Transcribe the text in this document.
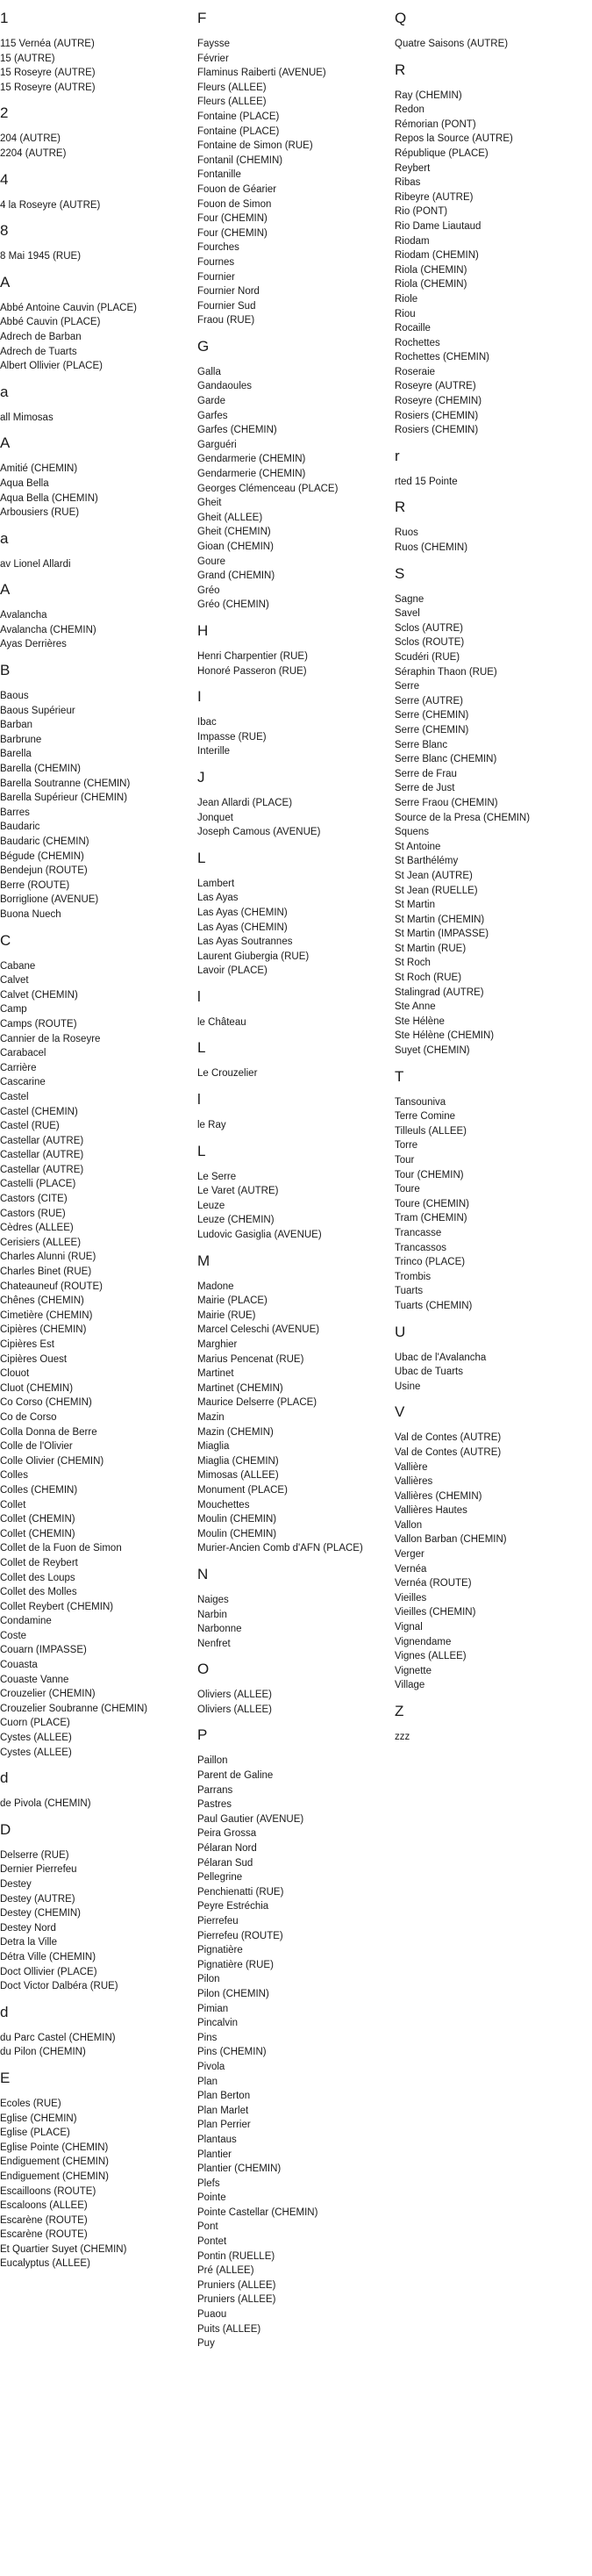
1
115 Vernéa (AUTRE)
15 (AUTRE)
15 Roseyre (AUTRE)
15 Roseyre (AUTRE)
2
204 (AUTRE)
2204 (AUTRE)
4
4 la Roseyre (AUTRE)
8
8 Mai 1945 (RUE)
A
Abbé Antoine Cauvin (PLACE)
Abbé Cauvin (PLACE)
Adrech de Barban
Adrech de Tuarts
Albert Ollivier (PLACE)
a
all Mimosas
A
Amitié (CHEMIN)
Aqua Bella
Aqua Bella (CHEMIN)
Arbousiers (RUE)
a
av Lionel Allardi
A
Avalancha
Avalancha (CHEMIN)
Ayas Derrières
B
Baous
Baous Supérieur
Barban
Barbrune
Barella
Barella (CHEMIN)
Barella Soutranne (CHEMIN)
Barella Supérieur (CHEMIN)
Barres
Baudaric
Baudaric (CHEMIN)
Bégude (CHEMIN)
Bendejun (ROUTE)
Berre (ROUTE)
Borriglione (AVENUE)
Buona Nuech
C
Cabane
Calvet
Calvet (CHEMIN)
Camp
Camps (ROUTE)
Cannier de la Roseyre
Carabacel
Carrière
Cascarine
Castel
Castel (CHEMIN)
Castel (RUE)
Castellar (AUTRE)
Castellar (AUTRE)
Castellar (AUTRE)
Castelli (PLACE)
Castors (CITE)
Castors (RUE)
Cèdres (ALLEE)
Cerisiers (ALLEE)
Charles Alunni (RUE)
Charles Binet (RUE)
Chateauneuf (ROUTE)
Chênes (CHEMIN)
Cimetière (CHEMIN)
Cipières (CHEMIN)
Cipières Est
Cipières Ouest
Clouot
Cluot (CHEMIN)
Co Corso (CHEMIN)
Co de Corso
Colla Donna de Berre
Colle de l'Olivier
Colle Olivier (CHEMIN)
Colles
Colles (CHEMIN)
Collet
Collet (CHEMIN)
Collet (CHEMIN)
Collet de la Fuon de Simon
Collet de Reybert
Collet des Loups
Collet des Molles
Collet Reybert (CHEMIN)
Condamine
Coste
Couarn (IMPASSE)
Couasta
Couaste Vanne
Crouzelier (CHEMIN)
Crouzelier Soubranne (CHEMIN)
Cuorn (PLACE)
Cystes (ALLEE)
Cystes (ALLEE)
d
de Pivola (CHEMIN)
D
Delserre (RUE)
Dernier Pierrefeu
Destey
Destey (AUTRE)
Destey (CHEMIN)
Destey Nord
Detra la Ville
Détra Ville (CHEMIN)
Doct Ollivier (PLACE)
Doct Victor Dalbéra (RUE)
d
du Parc Castel (CHEMIN)
du Pilon (CHEMIN)
E
Ecoles (RUE)
Eglise (CHEMIN)
Eglise (PLACE)
Eglise Pointe (CHEMIN)
Endiguement (CHEMIN)
Endiguement (CHEMIN)
Escailloons (ROUTE)
Escaloons (ALLEE)
Escarène (ROUTE)
Escarène (ROUTE)
Et Quartier Suyet (CHEMIN)
Eucalyptus (ALLEE)
F
Faysse
Février
Flaminus Raiberti (AVENUE)
Fleurs (ALLEE)
Fleurs (ALLEE)
Fontaine (PLACE)
Fontaine (PLACE)
Fontaine de Simon (RUE)
Fontanil (CHEMIN)
Fontanille
Fouon de Géarier
Fouon de Simon
Four (CHEMIN)
Four (CHEMIN)
Fourches
Fournes
Fournier
Fournier Nord
Fournier Sud
Fraou (RUE)
G
Galla
Gandaoules
Garde
Garfes
Garfes (CHEMIN)
Garguéri
Gendarmerie (CHEMIN)
Gendarmerie (CHEMIN)
Georges Clémenceau (PLACE)
Gheit
Gheit (ALLEE)
Gheit (CHEMIN)
Gioan (CHEMIN)
Goure
Grand (CHEMIN)
Gréo
Gréo (CHEMIN)
H
Henri Charpentier (RUE)
Honoré Passeron (RUE)
I
Ibac
Impasse (RUE)
Interille
J
Jean Allardi (PLACE)
Jonquet
Joseph Camous (AVENUE)
L
Lambert
Las Ayas
Las Ayas (CHEMIN)
Las Ayas (CHEMIN)
Las Ayas Soutrannes
Laurent Giubergia (RUE)
Lavoir (PLACE)
l
le Château
L
Le Crouzelier
l
le Ray
L
Le Serre
Le Varet (AUTRE)
Leuze
Leuze (CHEMIN)
Ludovic Gasiglia (AVENUE)
M
Madone
Mairie (PLACE)
Mairie (RUE)
Marcel Celeschi (AVENUE)
Marghier
Marius Pencenat (RUE)
Martinet
Martinet (CHEMIN)
Maurice Delserre (PLACE)
Mazin
Mazin (CHEMIN)
Miaglia
Miaglia (CHEMIN)
Mimosas (ALLEE)
Monument (PLACE)
Mouchettes
Moulin (CHEMIN)
Moulin (CHEMIN)
Murier-Ancien Comb d'AFN (PLACE)
N
Naiges
Narbin
Narbonne
Nenfret
O
Oliviers (ALLEE)
Oliviers (ALLEE)
P
Paillon
Parent de Galine
Parrans
Pastres
Paul Gautier (AVENUE)
Peira Grossa
Pélaran Nord
Pélaran Sud
Pellegrine
Penchienatti (RUE)
Peyre Estréchia
Pierrefeu
Pierrefeu (ROUTE)
Pignatière
Pignatière (RUE)
Pilon
Pilon (CHEMIN)
Pimian
Pincalvin
Pins
Pins (CHEMIN)
Pivola
Plan
Plan Berton
Plan Marlet
Plan Perrier
Plantaus
Plantier
Plantier (CHEMIN)
Plefs
Pointe
Pointe Castellar (CHEMIN)
Pont
Pontet
Pontin (RUELLE)
Pré (ALLEE)
Pruniers (ALLEE)
Pruniers (ALLEE)
Puaou
Puits (ALLEE)
Puy
Q
Quatre Saisons (AUTRE)
R
Ray (CHEMIN)
Redon
Rémorian (PONT)
Repos la Source (AUTRE)
République (PLACE)
Reybert
Ribas
Ribeyre (AUTRE)
Rio (PONT)
Rio Dame Liautaud
Riodam
Riodam (CHEMIN)
Riola (CHEMIN)
Riola (CHEMIN)
Riole
Riou
Rocaille
Rochettes
Rochettes (CHEMIN)
Roseraie
Roseyre (AUTRE)
Roseyre (CHEMIN)
Rosiers (CHEMIN)
Rosiers (CHEMIN)
r
rted 15 Pointe
R
Ruos
Ruos (CHEMIN)
S
Sagne
Savel
Sclos (AUTRE)
Sclos (ROUTE)
Scudéri (RUE)
Séraphin Thaon (RUE)
Serre
Serre (AUTRE)
Serre (CHEMIN)
Serre (CHEMIN)
Serre Blanc
Serre Blanc (CHEMIN)
Serre de Frau
Serre de Just
Serre Fraou (CHEMIN)
Source de la Presa (CHEMIN)
Squens
St Antoine
St Barthélémy
St Jean (AUTRE)
St Jean (RUELLE)
St Martin
St Martin (CHEMIN)
St Martin (IMPASSE)
St Martin (RUE)
St Roch
St Roch (RUE)
Stalingrad (AUTRE)
Ste Anne
Ste Hélène
Ste Hélène (CHEMIN)
Suyet (CHEMIN)
T
Tansouniva
Terre Comine
Tilleuls (ALLEE)
Torre
Tour
Tour (CHEMIN)
Toure
Toure (CHEMIN)
Tram (CHEMIN)
Trancasse
Trancassos
Trinco (PLACE)
Trombis
Tuarts
Tuarts (CHEMIN)
U
Ubac de l'Avalancha
Ubac de Tuarts
Usine
V
Val de Contes (AUTRE)
Val de Contes (AUTRE)
Vallière
Vallières
Vallières (CHEMIN)
Vallières Hautes
Vallon
Vallon Barban (CHEMIN)
Verger
Vernéa
Vernéa (ROUTE)
Vieilles
Vieilles (CHEMIN)
Vignal
Vignendame
Vignes (ALLEE)
Vignette
Village
Z
zzz
